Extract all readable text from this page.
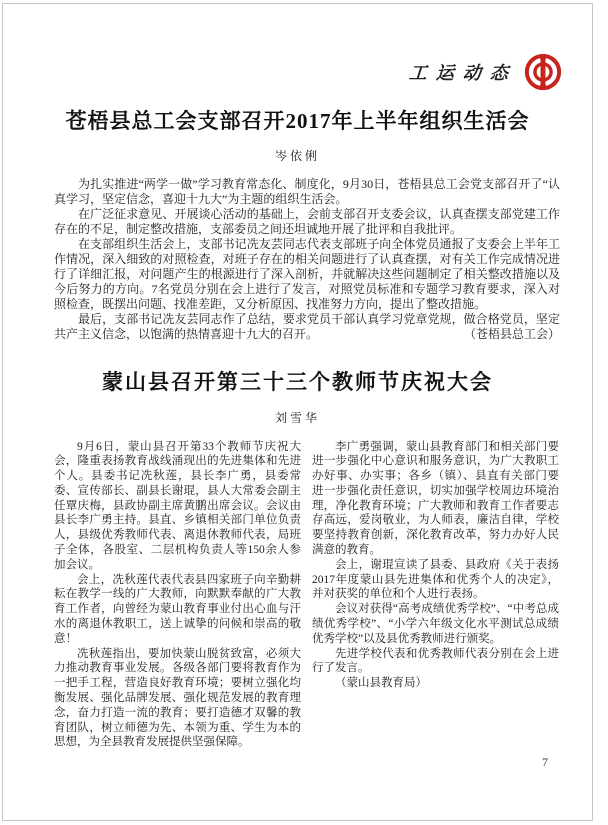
工运动态
苍梧县总工会支部召开2017年上半年组织生活会
岑依俐

为扎实推进“两学一做”学习教育常态化、制度化，9月30日，苍梧县总工会党支部召开了“认真学习，坚定信念，喜迎十九大”为主题的组织生活会。

在广泛征求意见、开展谈心活动的基础上，会前支部召开支委会议，认真查摆支部党建工作存在的不足，制定整改措施，支部委员之间还坦诚地开展了批评和自我批评。

在支部组织生活会上，支部书记冼友芸同志代表支部班子向全体党员通报了支委会上半年工作情况，深入细致的对照检查，对班子存在的相关问题进行了认真查摆，对有关工作完成情况进行了详细汇报，对问题产生的根源进行了深入剖析，并就解决这些问题制定了相关整改措施以及今后努力的方向。7名党员分别在会上进行了发言，对照党员标准和专题学习教育要求，深入对照检查，既摆出问题、找准差距，又分析原因、找准努力方向，提出了整改措施。

最后，支部书记冼友芸同志作了总结，要求党员干部认真学习党章党规，做合格党员，坚定共产主义信念，以饱满的热情喜迎十九大的召开。	（苍梧县总工会）

蒙山县召开第三十三个教师节庆祝大会
刘雪华

9月6日，蒙山县召开第33个教师节庆祝大会，隆重表扬教育战线涌现出的先进集体和先进个人。县委书记冼秋莲，县长李广勇，县委常委、宣传部长、副县长谢琨，县人大常委会副主任覃庆梅，县政协副主席黄鹏出席会议。会议由县长李广勇主持。县直、乡镇相关部门单位负责人，县级优秀教师代表、离退休教师代表，局班子全体，各股室、二层机构负责人等150余人参加会议。

会上，冼秋莲代表代表县四家班子向辛勤耕耘在教学一线的广大教师，向默默奉献的广大教育工作者，向曾经为蒙山教育事业付出心血与汗水的离退休教职工，送上诚挚的问候和崇高的敬意！

冼秋莲指出，要加快蒙山脱贫致富，必须大力推动教育事业发展。各级各部门要将教育作为一把手工程，营造良好教育环境；要树立强化均衡发展、强化品牌发展、强化规范发展的教育理念，奋力打造一流的教育；要打造德才双馨的教育团队，树立师德为先、本领为重、学生为本的思想，为全县教育发展提供坚强保障。

李广勇强调，蒙山县教育部门和相关部门要进一步强化中心意识和服务意识，为广大教职工办好事、办实事；各乡（镇）、县直有关部门要进一步强化责任意识，切实加强学校周边环境治理，净化教育环境；广大教师和教育工作者要志存高远，爱岗敬业，为人师表，廉洁自律，学校要坚持教育创新，深化教育改革，努力办好人民满意的教育。

会上，谢琨宣读了县委、县政府《关于表扬2017年度蒙山县先进集体和优秀个人的决定》，并对获奖的单位和个人进行表扬。

会议对获得“高考成绩优秀学校”、“中考总成绩优秀学校”、“小学六年级文化水平测试总成绩优秀学校”以及县优秀教师进行颁奖。

先进学校代表和优秀教师代表分别在会上进行了发言。

（蒙山县教育局）

7
